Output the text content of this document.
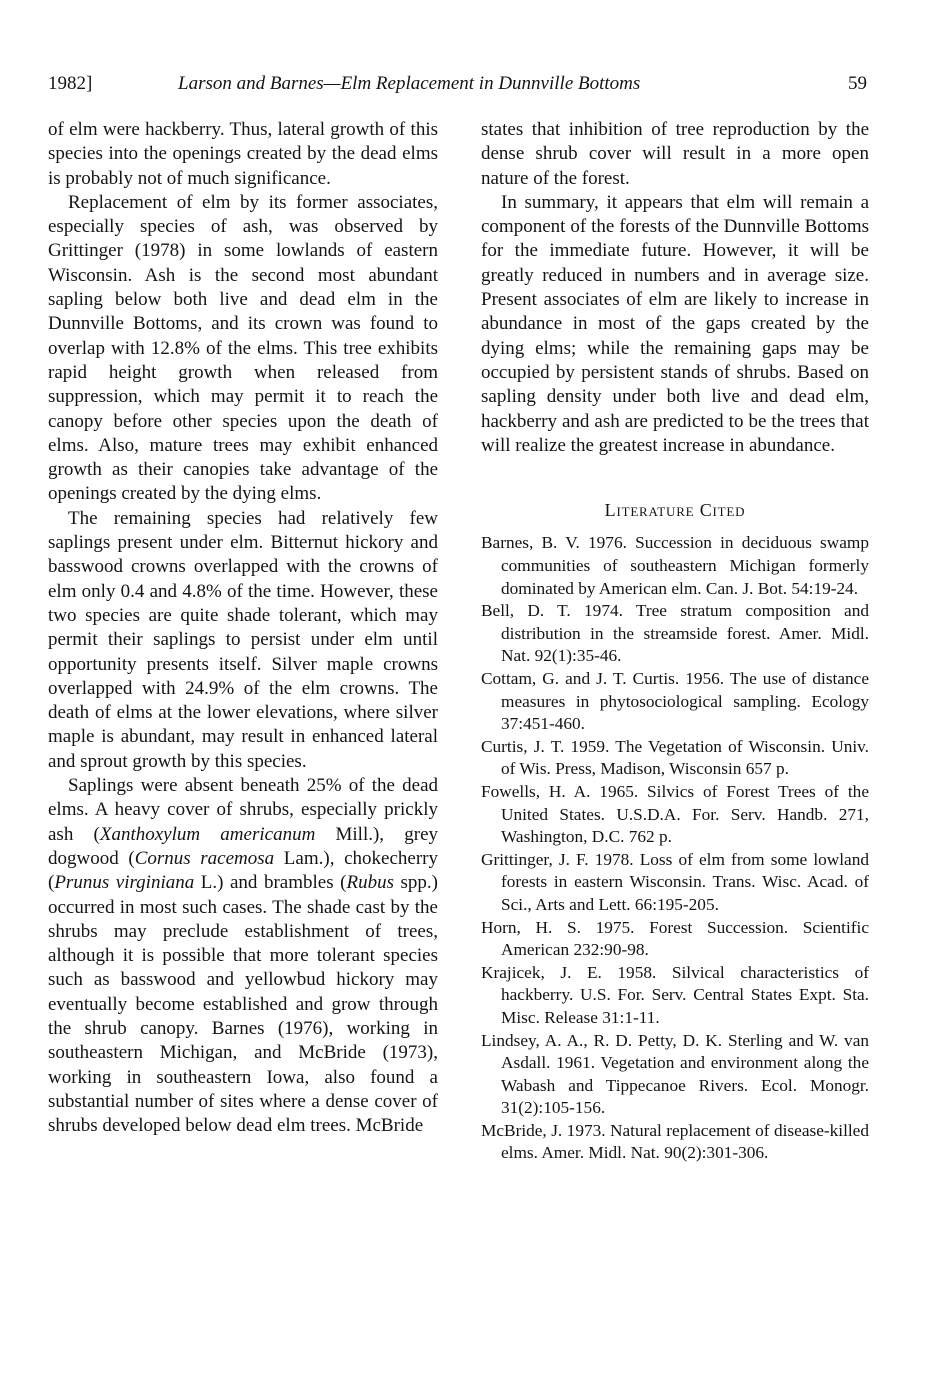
1982]	Larson and Barnes—Elm Replacement in Dunnville Bottoms	59

of elm were hackberry. Thus, lateral growth of this species into the openings created by the dead elms is probably not of much significance.

Replacement of elm by its former associates, especially species of ash, was observed by Grittinger (1978) in some lowlands of eastern Wisconsin. Ash is the second most abundant sapling below both live and dead elm in the Dunnville Bottoms, and its crown was found to overlap with 12.8% of the elms. This tree exhibits rapid height growth when released from suppression, which may permit it to reach the canopy before other species upon the death of elms. Also, mature trees may exhibit enhanced growth as their canopies take advantage of the openings created by the dying elms.

The remaining species had relatively few saplings present under elm. Bitternut hickory and basswood crowns overlapped with the crowns of elm only 0.4 and 4.8% of the time. However, these two species are quite shade tolerant, which may permit their saplings to persist under elm until opportunity presents itself. Silver maple crowns overlapped with 24.9% of the elm crowns. The death of elms at the lower elevations, where silver maple is abundant, may result in enhanced lateral and sprout growth by this species.

Saplings were absent beneath 25% of the dead elms. A heavy cover of shrubs, especially prickly ash (Xanthoxylum americanum Mill.), grey dogwood (Cornus racemosa Lam.), chokecherry (Prunus virginiana L.) and brambles (Rubus spp.) occurred in most such cases. The shade cast by the shrubs may preclude establishment of trees, although it is possible that more tolerant species such as basswood and yellowbud hickory may eventually become established and grow through the shrub canopy. Barnes (1976), working in southeastern Michigan, and McBride (1973), working in southeastern Iowa, also found a substantial number of sites where a dense cover of shrubs developed below dead elm trees. McBride

states that inhibition of tree reproduction by the dense shrub cover will result in a more open nature of the forest.

In summary, it appears that elm will remain a component of the forests of the Dunnville Bottoms for the immediate future. However, it will be greatly reduced in numbers and in average size. Present associates of elm are likely to increase in abundance in most of the gaps created by the dying elms; while the remaining gaps may be occupied by persistent stands of shrubs. Based on sapling density under both live and dead elm, hackberry and ash are predicted to be the trees that will realize the greatest increase in abundance.

Literature Cited

Barnes, B. V. 1976. Succession in deciduous swamp communities of southeastern Michigan formerly dominated by American elm. Can. J. Bot. 54:19-24.

Bell, D. T. 1974. Tree stratum composition and distribution in the streamside forest. Amer. Midl. Nat. 92(1):35-46.

Cottam, G. and J. T. Curtis. 1956. The use of distance measures in phytosociological sampling. Ecology 37:451-460.

Curtis, J. T. 1959. The Vegetation of Wisconsin. Univ. of Wis. Press, Madison, Wisconsin 657 p.

Fowells, H. A. 1965. Silvics of Forest Trees of the United States. U.S.D.A. For. Serv. Handb. 271, Washington, D.C. 762 p.

Grittinger, J. F. 1978. Loss of elm from some lowland forests in eastern Wisconsin. Trans. Wisc. Acad. of Sci., Arts and Lett. 66:195-205.

Horn, H. S. 1975. Forest Succession. Scientific American 232:90-98.

Krajicek, J. E. 1958. Silvical characteristics of hackberry. U.S. For. Serv. Central States Expt. Sta. Misc. Release 31:1-11.

Lindsey, A. A., R. D. Petty, D. K. Sterling and W. van Asdall. 1961. Vegetation and environment along the Wabash and Tippecanoe Rivers. Ecol. Monogr. 31(2):105-156.

McBride, J. 1973. Natural replacement of disease-killed elms. Amer. Midl. Nat. 90(2):301-306.
